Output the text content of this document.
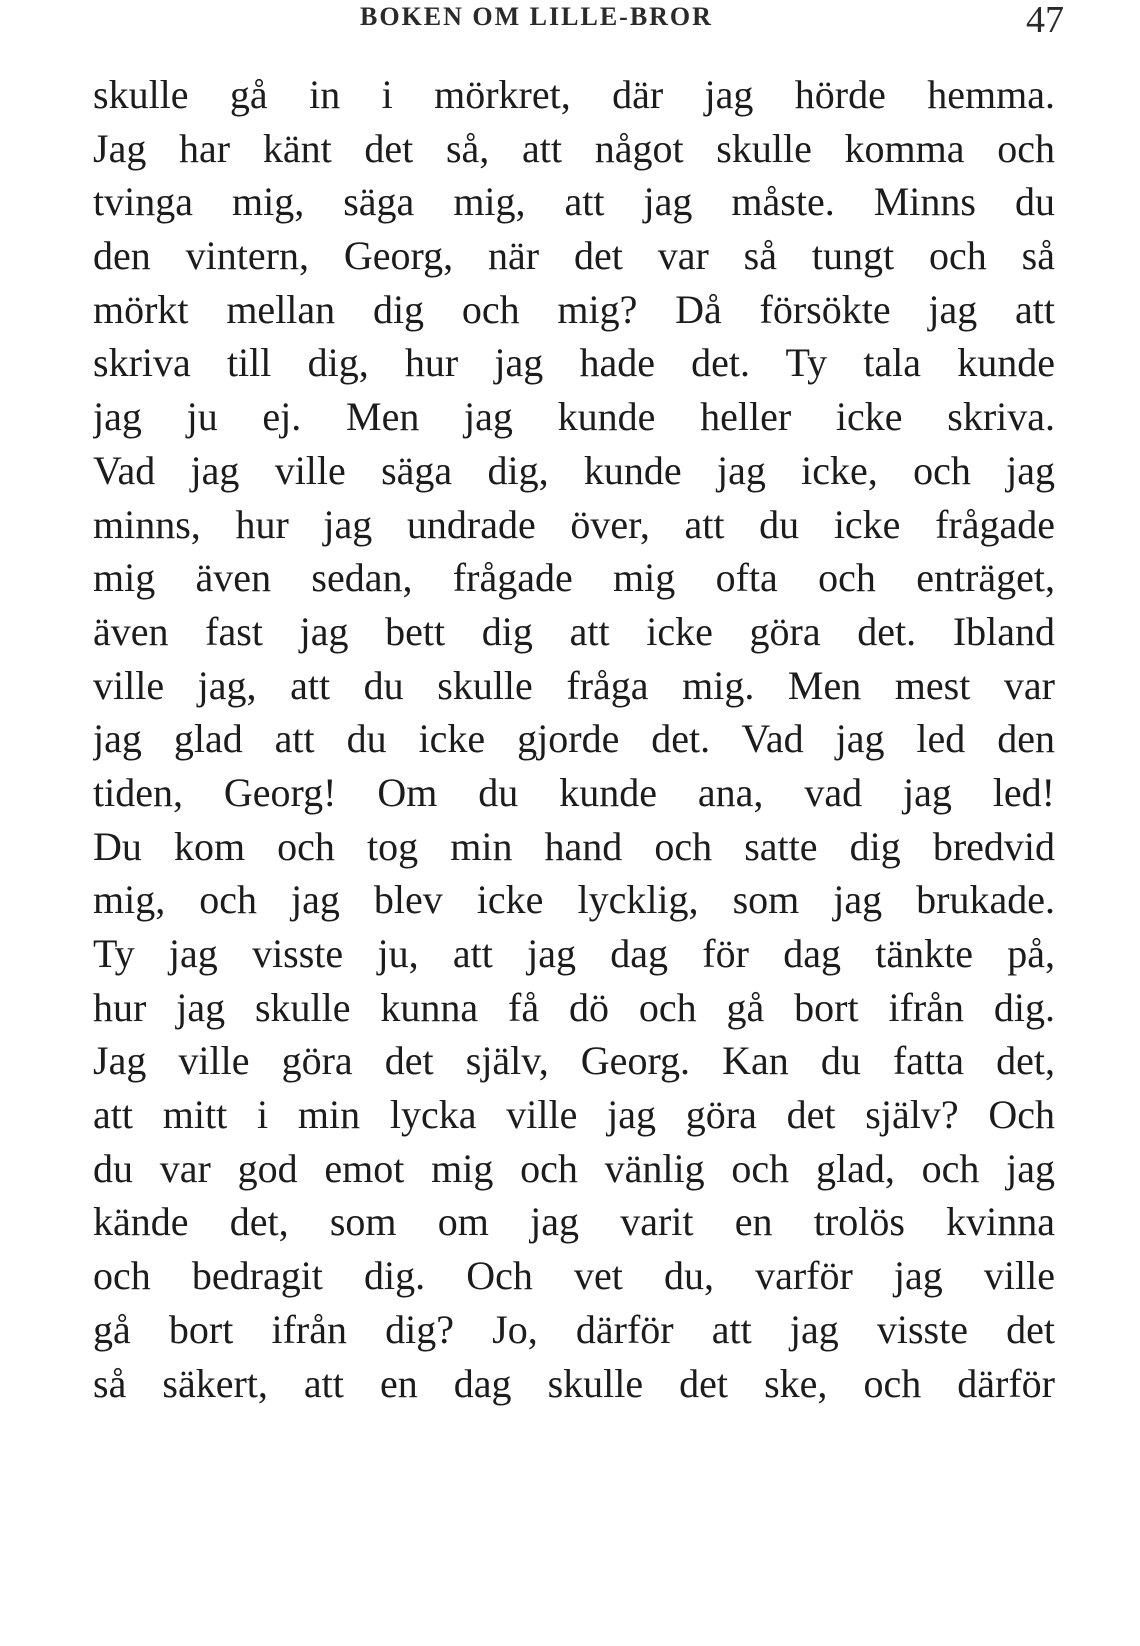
BOKEN OM LILLE-BROR	47
skulle gå in i mörkret, där jag hörde hemma.
Jag har känt det så, att något skulle komma och
tvinga mig, säga mig, att jag måste. Minns du
den vintern, Georg, när det var så tungt och så
mörkt mellan dig och mig? Då försökte jag att
skriva till dig, hur jag hade det. Ty tala kunde
jag ju ej. Men jag kunde heller icke skriva.
Vad jag ville säga dig, kunde jag icke, och jag
minns, hur jag undrade över, att du icke frågade
mig även sedan, frågade mig ofta och enträget,
även fast jag bett dig att icke göra det. Ibland
ville jag, att du skulle fråga mig. Men mest var
jag glad att du icke gjorde det. Vad jag led den
tiden, Georg! Om du kunde ana, vad jag led!
Du kom och tog min hand och satte dig bredvid
mig, och jag blev icke lycklig, som jag brukade.
Ty jag visste ju, att jag dag för dag tänkte på,
hur jag skulle kunna få dö och gå bort ifrån dig.
Jag ville göra det själv, Georg. Kan du fatta det,
att mitt i min lycka ville jag göra det själv? Och
du var god emot mig och vänlig och glad, och jag
kände det, som om jag varit en trolös kvinna
och bedragit dig. Och vet du, varför jag ville
gå bort ifrån dig? Jo, därför att jag visste det
så säkert, att en dag skulle det ske, och därför
